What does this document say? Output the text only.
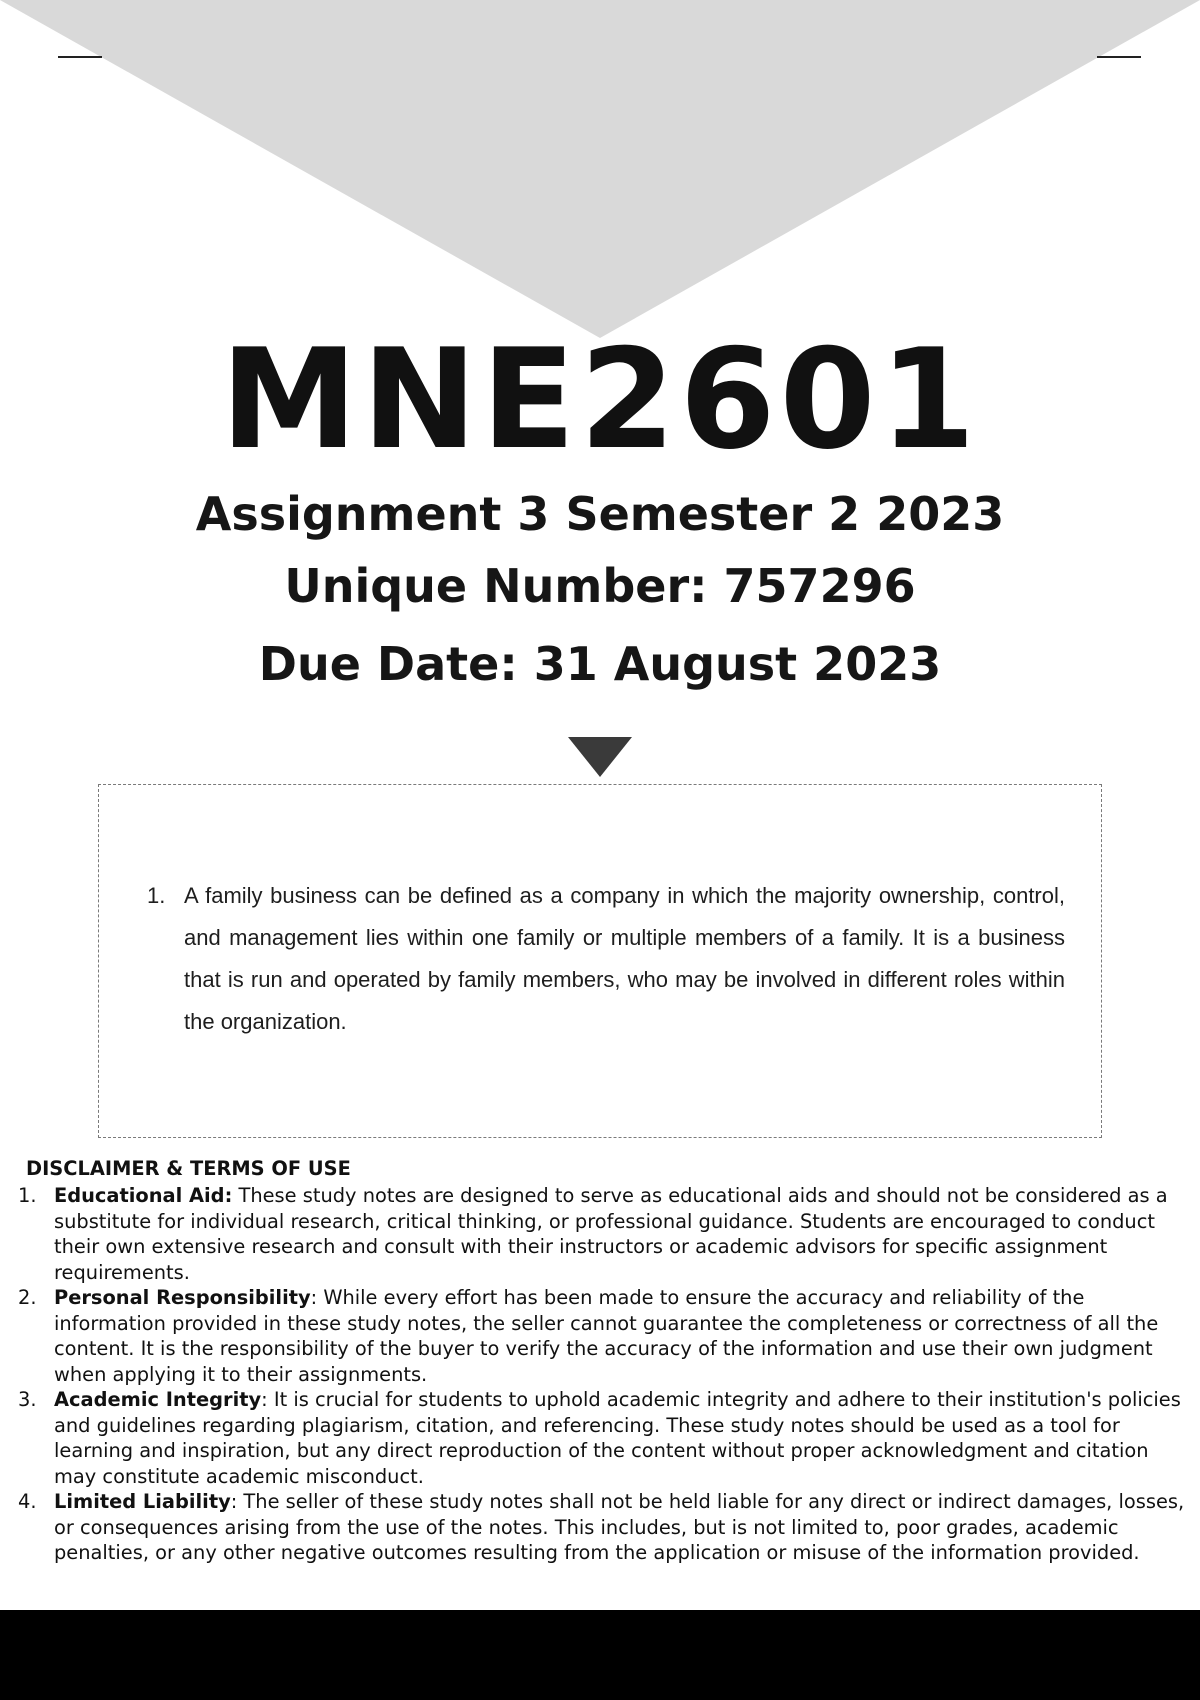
MNE2601
Assignment 3 Semester 2 2023
Unique Number: 757296
Due Date: 31 August 2023
1. A family business can be defined as a company in which the majority ownership, control, and management lies within one family or multiple members of a family. It is a business that is run and operated by family members, who may be involved in different roles within the organization.
DISCLAIMER & TERMS OF USE
1. Educational Aid: These study notes are designed to serve as educational aids and should not be considered as a substitute for individual research, critical thinking, or professional guidance. Students are encouraged to conduct their own extensive research and consult with their instructors or academic advisors for specific assignment requirements.
2. Personal Responsibility: While every effort has been made to ensure the accuracy and reliability of the information provided in these study notes, the seller cannot guarantee the completeness or correctness of all the content. It is the responsibility of the buyer to verify the accuracy of the information and use their own judgment when applying it to their assignments.
3. Academic Integrity: It is crucial for students to uphold academic integrity and adhere to their institution's policies and guidelines regarding plagiarism, citation, and referencing. These study notes should be used as a tool for learning and inspiration, but any direct reproduction of the content without proper acknowledgment and citation may constitute academic misconduct.
4. Limited Liability: The seller of these study notes shall not be held liable for any direct or indirect damages, losses, or consequences arising from the use of the notes. This includes, but is not limited to, poor grades, academic penalties, or any other negative outcomes resulting from the application or misuse of the information provided.
